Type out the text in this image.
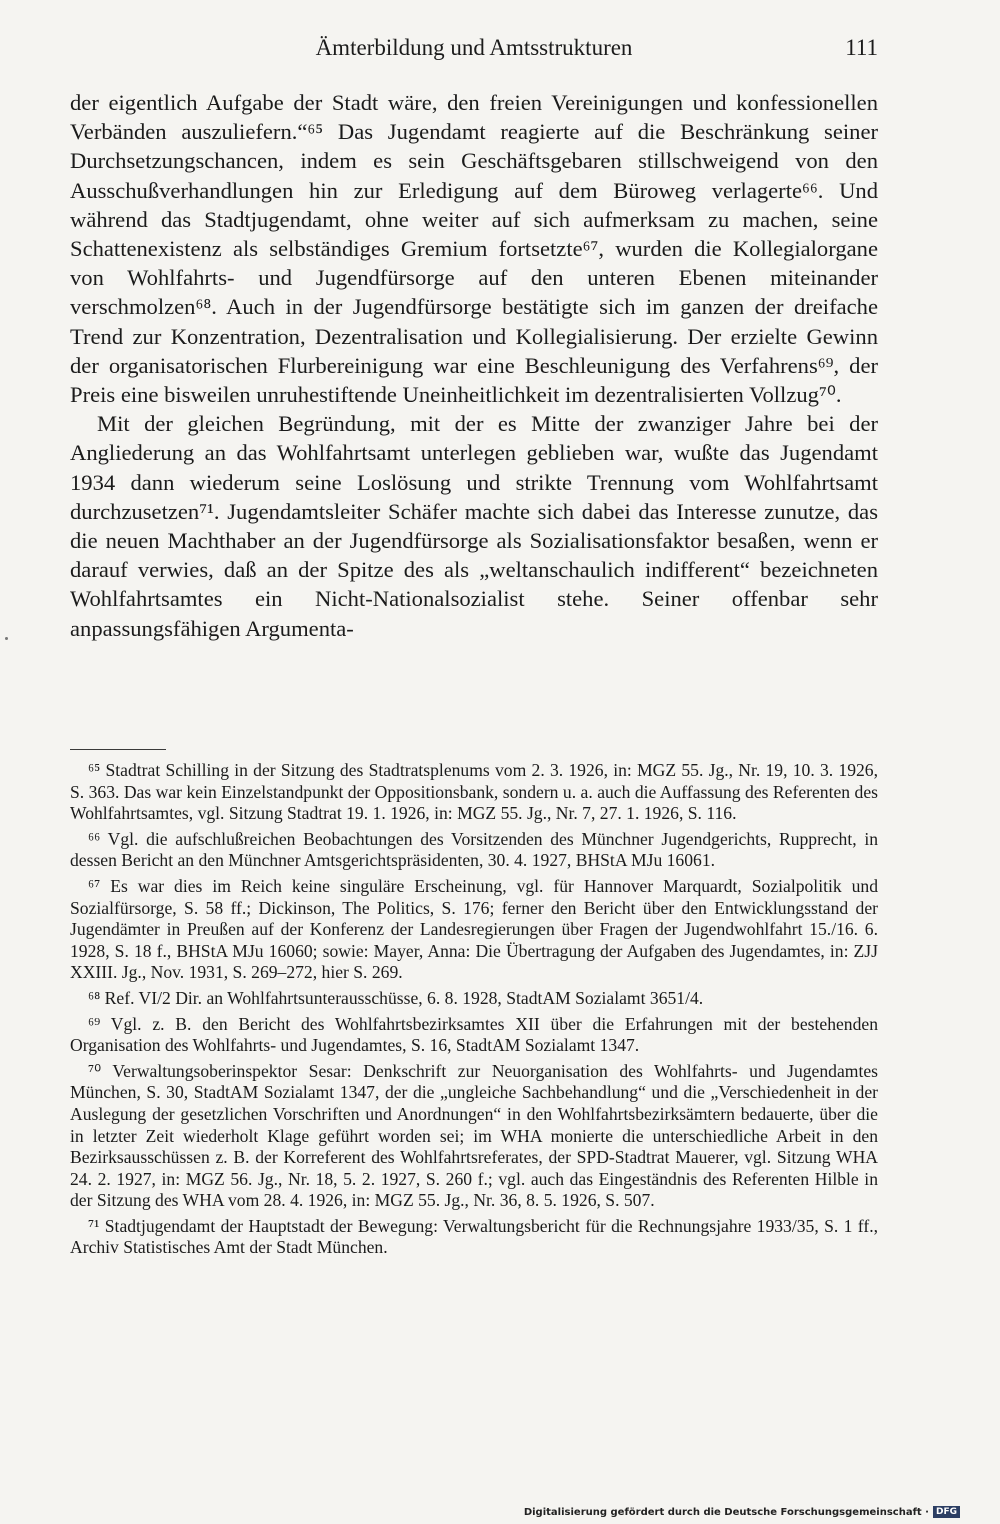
Ämterbildung und Amtsstrukturen	111

der eigentlich Aufgabe der Stadt wäre, den freien Vereinigungen und konfessionellen Verbänden auszuliefern.“⁶⁵ Das Jugendamt reagierte auf die Beschränkung seiner Durchsetzungschancen, indem es sein Geschäftsgebaren stillschweigend von den Ausschußverhandlungen hin zur Erledigung auf dem Büroweg verlagerte⁶⁶. Und während das Stadtjugendamt, ohne weiter auf sich aufmerksam zu machen, seine Schattenexistenz als selbständiges Gremium fortsetzte⁶⁷, wurden die Kollegialorgane von Wohlfahrts- und Jugendfürsorge auf den unteren Ebenen miteinander verschmolzen⁶⁸. Auch in der Jugendfürsorge bestätigte sich im ganzen der dreifache Trend zur Konzentration, Dezentralisation und Kollegialisierung. Der erzielte Gewinn der organisatorischen Flurbereinigung war eine Beschleunigung des Verfahrens⁶⁹, der Preis eine bisweilen unruhestiftende Uneinheitlichkeit im dezentralisierten Vollzug⁷⁰.

Mit der gleichen Begründung, mit der es Mitte der zwanziger Jahre bei der Angliederung an das Wohlfahrtsamt unterlegen geblieben war, wußte das Jugendamt 1934 dann wiederum seine Loslösung und strikte Trennung vom Wohlfahrtsamt durchzusetzen⁷¹. Jugendamtsleiter Schäfer machte sich dabei das Interesse zunutze, das die neuen Machthaber an der Jugendfürsorge als Sozialisationsfaktor besaßen, wenn er darauf verwies, daß an der Spitze des als „weltanschaulich indifferent“ bezeichneten Wohlfahrtsamtes ein Nicht-Nationalsozialist stehe. Seiner offenbar sehr anpassungsfähigen Argumenta-

⁶⁵ Stadtrat Schilling in der Sitzung des Stadtratsplenums vom 2. 3. 1926, in: MGZ 55. Jg., Nr. 19, 10. 3. 1926, S. 363. Das war kein Einzelstandpunkt der Oppositionsbank, sondern u. a. auch die Auffassung des Referenten des Wohlfahrtsamtes, vgl. Sitzung Stadtrat 19. 1. 1926, in: MGZ 55. Jg., Nr. 7, 27. 1. 1926, S. 116.

⁶⁶ Vgl. die aufschlußreichen Beobachtungen des Vorsitzenden des Münchner Jugendgerichts, Rupprecht, in dessen Bericht an den Münchner Amtsgerichtspräsidenten, 30. 4. 1927, BHStA MJu 16061.

⁶⁷ Es war dies im Reich keine singuläre Erscheinung, vgl. für Hannover Marquardt, Sozialpolitik und Sozialfürsorge, S. 58 ff.; Dickinson, The Politics, S. 176; ferner den Bericht über den Entwicklungsstand der Jugendämter in Preußen auf der Konferenz der Landesregierungen über Fragen der Jugendwohlfahrt 15./16. 6. 1928, S. 18 f., BHStA MJu 16060; sowie: Mayer, Anna: Die Übertragung der Aufgaben des Jugendamtes, in: ZJJ XXIII. Jg., Nov. 1931, S. 269–272, hier S. 269.

⁶⁸ Ref. VI/2 Dir. an Wohlfahrtsunterausschüsse, 6. 8. 1928, StadtAM Sozialamt 3651/4.

⁶⁹ Vgl. z. B. den Bericht des Wohlfahrtsbezirksamtes XII über die Erfahrungen mit der bestehenden Organisation des Wohlfahrts- und Jugendamtes, S. 16, StadtAM Sozialamt 1347.

⁷⁰ Verwaltungsoberinspektor Sesar: Denkschrift zur Neuorganisation des Wohlfahrts- und Jugendamtes München, S. 30, StadtAM Sozialamt 1347, der die „ungleiche Sachbehandlung“ und die „Verschiedenheit in der Auslegung der gesetzlichen Vorschriften und Anordnungen“ in den Wohlfahrtsbezirksämtern bedauerte, über die in letzter Zeit wiederholt Klage geführt worden sei; im WHA monierte die unterschiedliche Arbeit in den Bezirksausschüssen z. B. der Korreferent des Wohlfahrtsreferates, der SPD-Stadtrat Mauerer, vgl. Sitzung WHA 24. 2. 1927, in: MGZ 56. Jg., Nr. 18, 5. 2. 1927, S. 260 f.; vgl. auch das Eingeständnis des Referenten Hilble in der Sitzung des WHA vom 28. 4. 1926, in: MGZ 55. Jg., Nr. 36, 8. 5. 1926, S. 507.

⁷¹ Stadtjugendamt der Hauptstadt der Bewegung: Verwaltungsbericht für die Rechnungsjahre 1933/35, S. 1 ff., Archiv Statistisches Amt der Stadt München.

Digitalisierung gefördert durch die Deutsche Forschungsgemeinschaft · DFG
